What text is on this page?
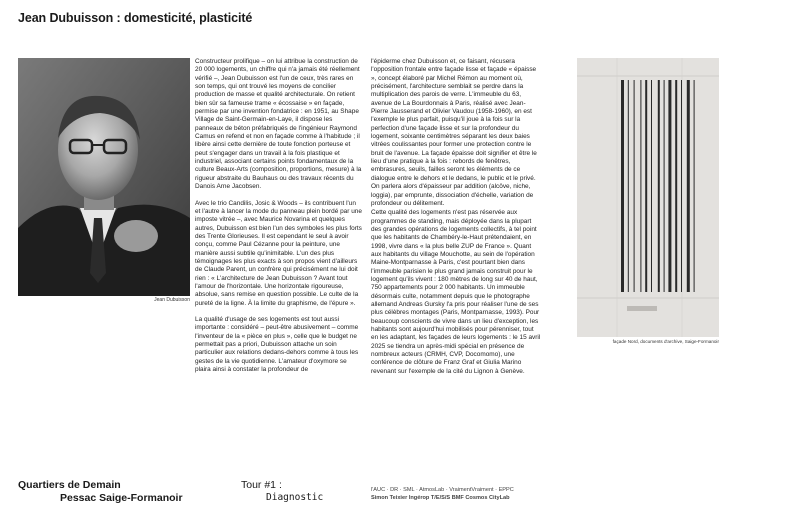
Jean Dubuisson : domesticité, plasticité
Jean Dubuisson

Constructeur prolifique – on lui attribue la construction de 20 000 logements, un chiffre qui n'a jamais été réellement vérifié –, Jean Dubuisson est l'un de ceux, très rares en son temps, qui ont trouvé les moyens de concilier production de masse et qualité architecturale. On retient bien sûr sa fameuse trame « écossaise » en façade, permise par une invention fondatrice : en 1951, au Shape Village de Saint-Germain-en-Laye, il dispose les panneaux de béton préfabriqués de l'ingénieur Raymond Camus en refend et non en façade comme à l'habitude ; il libère ainsi cette dernière de toute fonction porteuse et peut s'engager dans un travail à la fois plastique et industriel, associant certains points fondamentaux de la culture Beaux-Arts (composition, proportions, mesure) à la rigueur abstraite du Bauhaus ou des travaux récents du Danois Arne Jacobsen.

Avec le trio Candilis, Josic & Woods – ils contribuent l'un et l'autre à lancer la mode du panneau plein bordé par une imposte vitrée –, avec Maurice Novarina et quelques autres, Dubuisson est bien l'un des symboles les plus forts des Trente Glorieuses. Il est cependant le seul à avoir conçu, comme Paul Cézanne pour la peinture, une manière aussi subtile qu'inimitable. L'un des plus témoignages les plus exacts à son propos vient d'ailleurs de Claude Parent, un confrère qui précisément ne lui doit rien : « L'architecture de Jean Dubuisson ? Avant tout l'amour de l'horizontale. Une horizontale rigoureuse, absolue, sans remise en question possible. Le culte de la pureté de la ligne. À la limite du graphisme, de l'épure ».

La qualité d'usage de ses logements est tout aussi importante : considéré – peut-être abusivement – comme l'inventeur de la « pièce en plus », celle que le budget ne permettait pas a priori, Dubuisson attache un soin particulier aux relations dedans-dehors comme à tous les gestes de la vie quotidienne. L'amateur d'oxymore se plaira ainsi à constater la profondeur de

l'épiderme chez Dubuisson et, ce faisant, récusera l'opposition frontale entre façade lisse et façade « épaisse », concept élaboré par Michel Rémon au moment où, précisément, l'architecture semblait se perdre dans la multiplication des parois de verre. L'immeuble du 63, avenue de La Bourdonnais à Paris, réalisé avec Jean-Pierre Jausserand et Olivier Vaudou (1958-1960), en est l'exemple le plus parfait, puisqu'il joue à la fois sur la perfection d'une façade lisse et sur la profondeur du logement, soixante centimètres séparant les deux baies vitrées coulissantes pour former une protection contre le bruit de l'avenue. La façade épaisse doit signifier et être le lieu d'une pratique à la fois : rebords de fenêtres, embrasures, seuils, failles seront les éléments de ce dialogue entre le dehors et le dedans, le public et le privé. On parlera alors d'épaisseur par addition (alcôve, niche, loggia), par emprunte, dissociation d'échelle, variation de profondeur ou délitement.

Cette qualité des logements n'est pas réservée aux programmes de standing, mais déployée dans la plupart des grandes opérations de logements collectifs, à tel point que les habitants de Chambéry-le-Haut prétendaient, en 1998, vivre dans « la plus belle ZUP de France ». Quant aux habitants du village Mouchotte, au sein de l'opération Maine-Montparnasse à Paris, c'est pourtant bien dans l'immeuble parisien le plus grand jamais construit pour le logement qu'ils vivent : 180 mètres de long sur 40 de haut, 750 appartements pour 2 000 habitants. Un immeuble désormais culte, notamment depuis que le photographe allemand Andreas Gursky l'a pris pour réaliser l'une de ses plus célèbres montages (Paris, Montparnasse, 1993). Pour beaucoup conscients de vivre dans un lieu d'exception, les habitants sont aujourd'hui mobilisés pour pérenniser, tout en les adaptant, les façades de leurs logements : le 15 avril 2025 se tiendra un après-midi spécial en présence de nombreux acteurs (CRMH, CVP, Docomomo), une conférence de clôture de Franz Graf et Giulia Marino revenant sur l'exemple de la cité du Lignon à Genève.

façade Nord, documents d'archive, Saige-Formanoir
Quartiers de Demain
Pessac Saige-Formanoir
Tour #1 :
Diagnostic
l'AUC · DR · SML · AtmosLab · VraimentVraiment · EPPC
Simon Teixier Ingérop T/E/S/S BMF Cosmos CityLab
